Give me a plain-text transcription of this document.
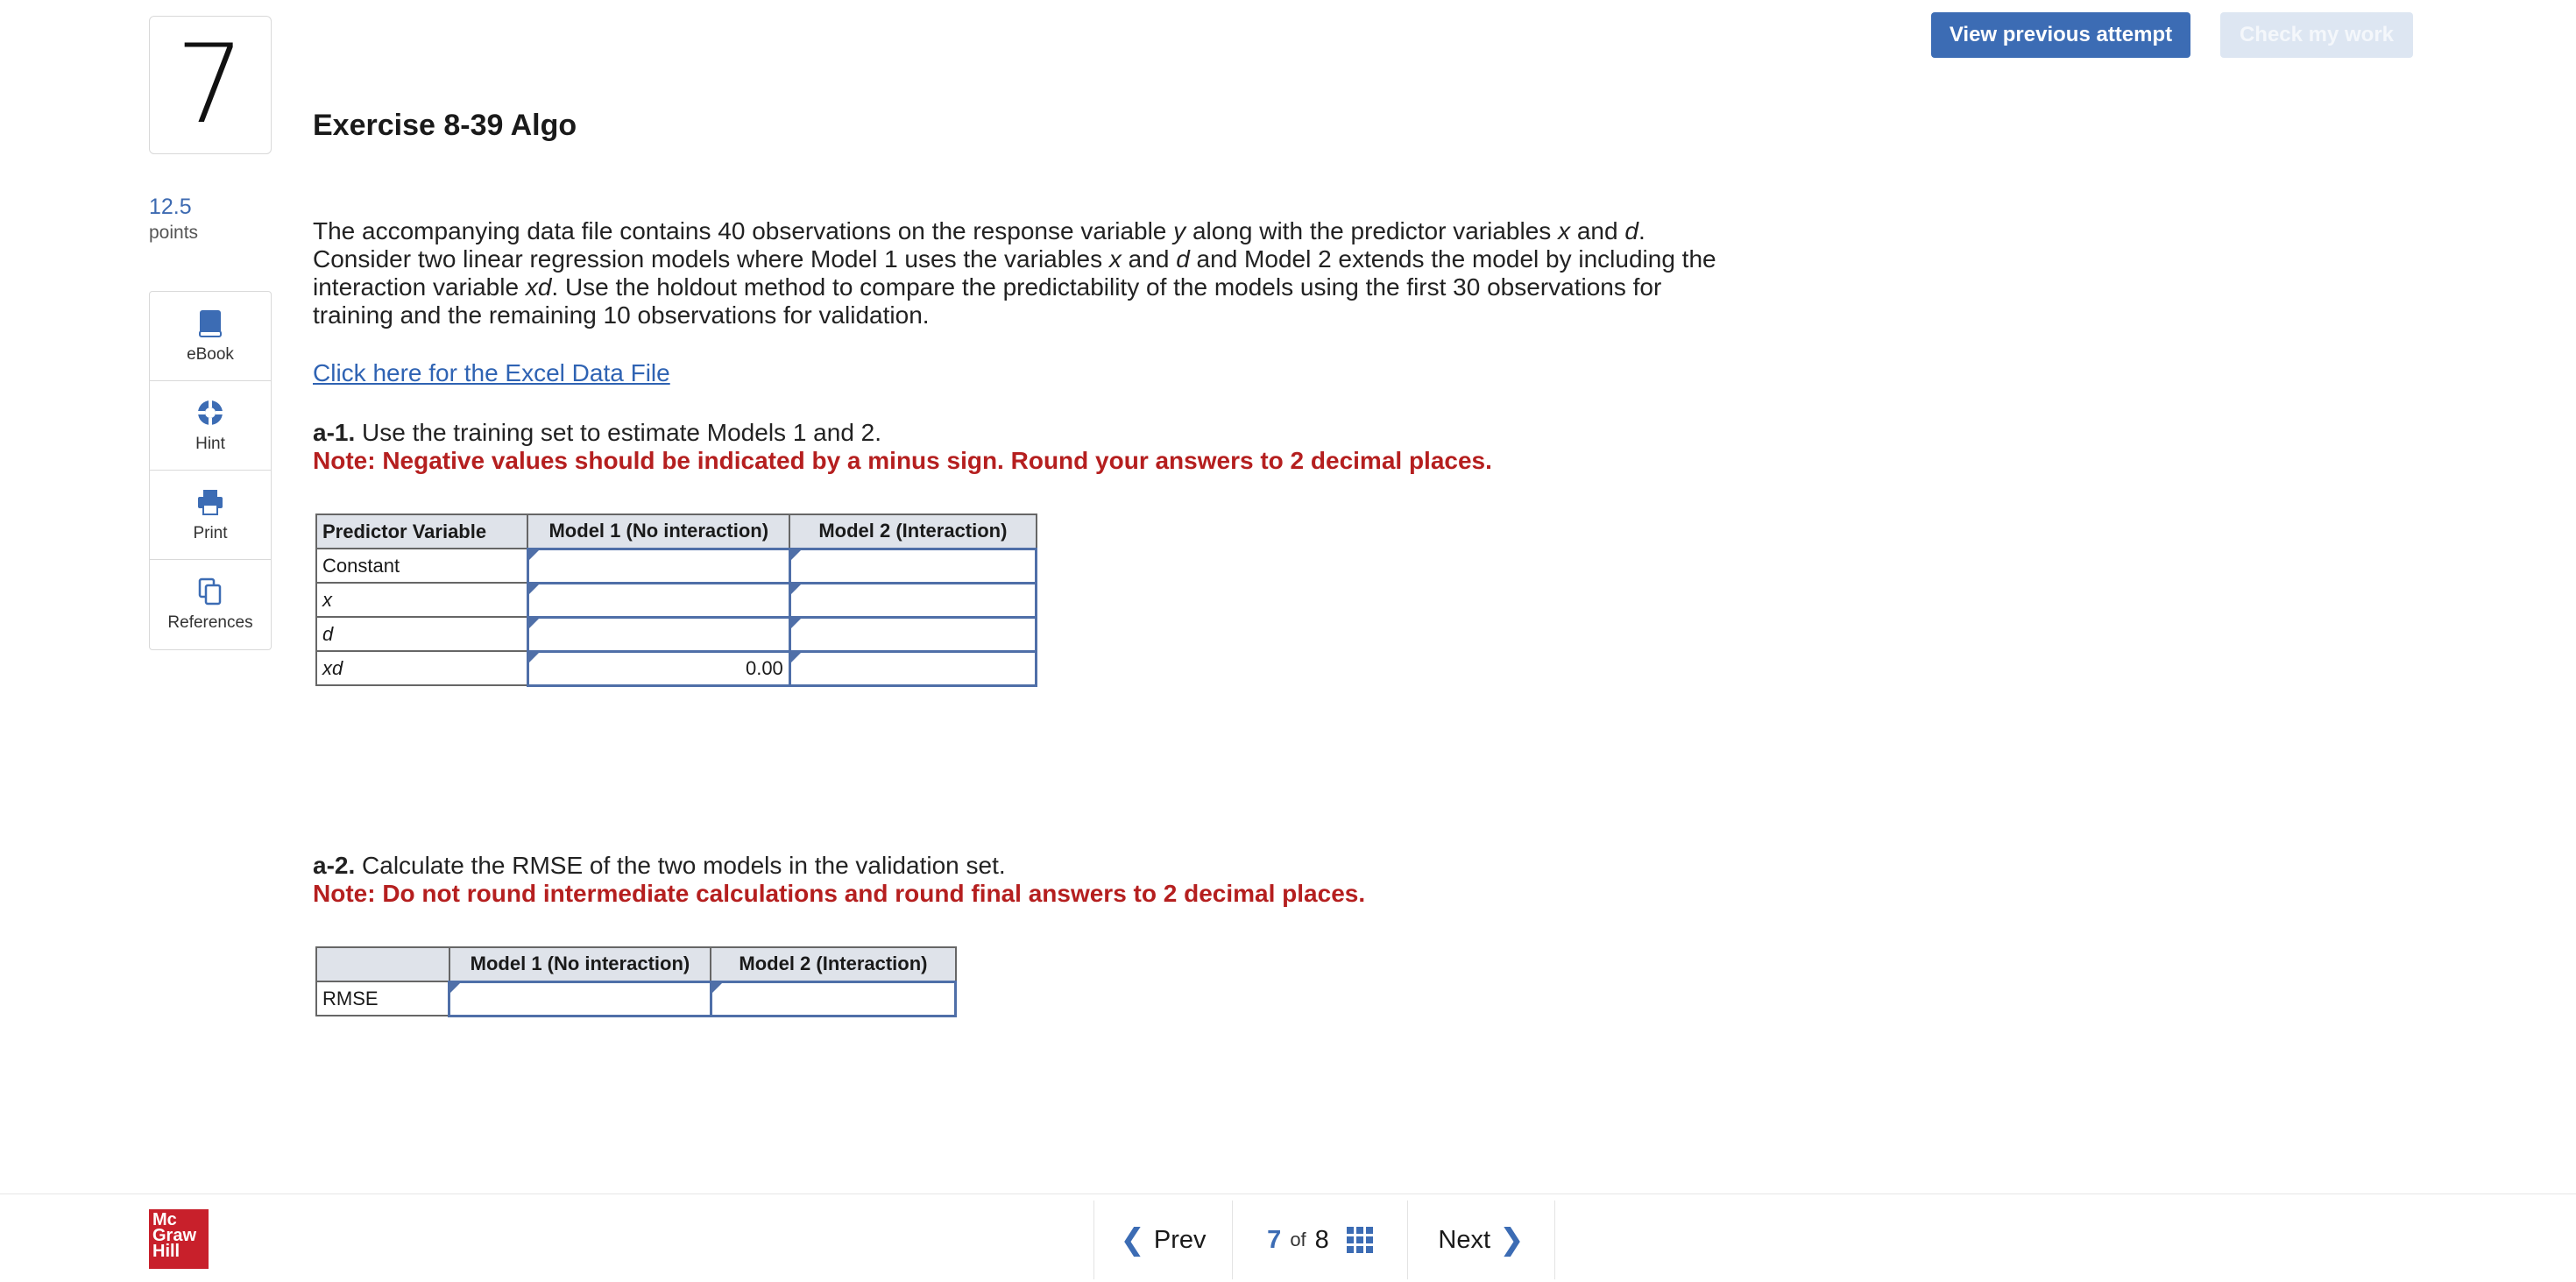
View previous attempt	Check my work
7
12.5
points
eBook
Hint
Print
References
Exercise 8-39 Algo

The accompanying data file contains 40 observations on the response variable y along with the predictor variables x and d. Consider two linear regression models where Model 1 uses the variables x and d and Model 2 extends the model by including the interaction variable xd. Use the holdout method to compare the predictability of the models using the first 30 observations for training and the remaining 10 observations for validation.

Click here for the Excel Data File
a-1. Use the training set to estimate Models 1 and 2.
Note: Negative values should be indicated by a minus sign. Round your answers to 2 decimal places.
Predictor Variable	Model 1 (No interaction)	Model 2 (Interaction)
Constant		
x		
d		
xd	0.00	
a-2. Calculate the RMSE of the two models in the validation set.
Note: Do not round intermediate calculations and round final answers to 2 decimal places.
	Model 1 (No interaction)	Model 2 (Interaction)
RMSE		
Mc
Graw
Hill	❮ Prev 7 of 8	Next ❯
